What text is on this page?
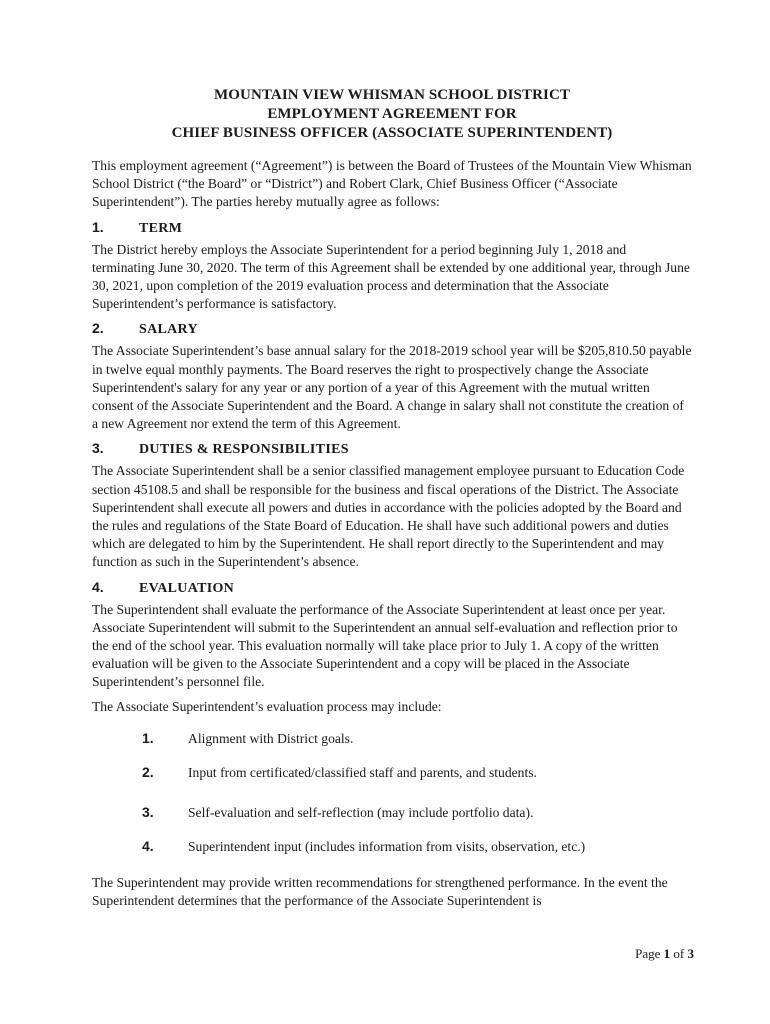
MOUNTAIN VIEW WHISMAN SCHOOL DISTRICT
EMPLOYMENT AGREEMENT FOR
CHIEF BUSINESS OFFICER (ASSOCIATE SUPERINTENDENT)

This employment agreement (“Agreement”) is between the Board of Trustees of the Mountain View Whisman School District (“the Board” or “District”) and Robert Clark, Chief Business Officer (“Associate Superintendent”). The parties hereby mutually agree as follows:

1.	TERM

The District hereby employs the Associate Superintendent for a period beginning July 1, 2018 and terminating June 30, 2020. The term of this Agreement shall be extended by one additional year, through June 30, 2021, upon completion of the 2019 evaluation process and determination that the Associate Superintendent’s performance is satisfactory.

2.	SALARY

The Associate Superintendent’s base annual salary for the 2018-2019 school year will be $205,810.50 payable in twelve equal monthly payments. The Board reserves the right to prospectively change the Associate Superintendent's salary for any year or any portion of a year of this Agreement with the mutual written consent of the Associate Superintendent and the Board. A change in salary shall not constitute the creation of a new Agreement nor extend the term of this Agreement.

3.	DUTIES & RESPONSIBILITIES

The Associate Superintendent shall be a senior classified management employee pursuant to Education Code section 45108.5 and shall be responsible for the business and fiscal operations of the District. The Associate Superintendent shall execute all powers and duties in accordance with the policies adopted by the Board and the rules and regulations of the State Board of Education. He shall have such additional powers and duties which are delegated to him by the Superintendent. He shall report directly to the Superintendent and may function as such in the Superintendent’s absence.

4.	EVALUATION

The Superintendent shall evaluate the performance of the Associate Superintendent at least once per year. Associate Superintendent will submit to the Superintendent an annual self-evaluation and reflection prior to the end of the school year. This evaluation normally will take place prior to July 1. A copy of the written evaluation will be given to the Associate Superintendent and a copy will be placed in the Associate Superintendent’s personnel file.

The Associate Superintendent’s evaluation process may include:

1.	Alignment with District goals.
2.	Input from certificated/classified staff and parents, and students.
3.	Self-evaluation and self-reflection (may include portfolio data).
4.	Superintendent input (includes information from visits, observation, etc.)

The Superintendent may provide written recommendations for strengthened performance. In the event the Superintendent determines that the performance of the Associate Superintendent is

Page 1 of 3
